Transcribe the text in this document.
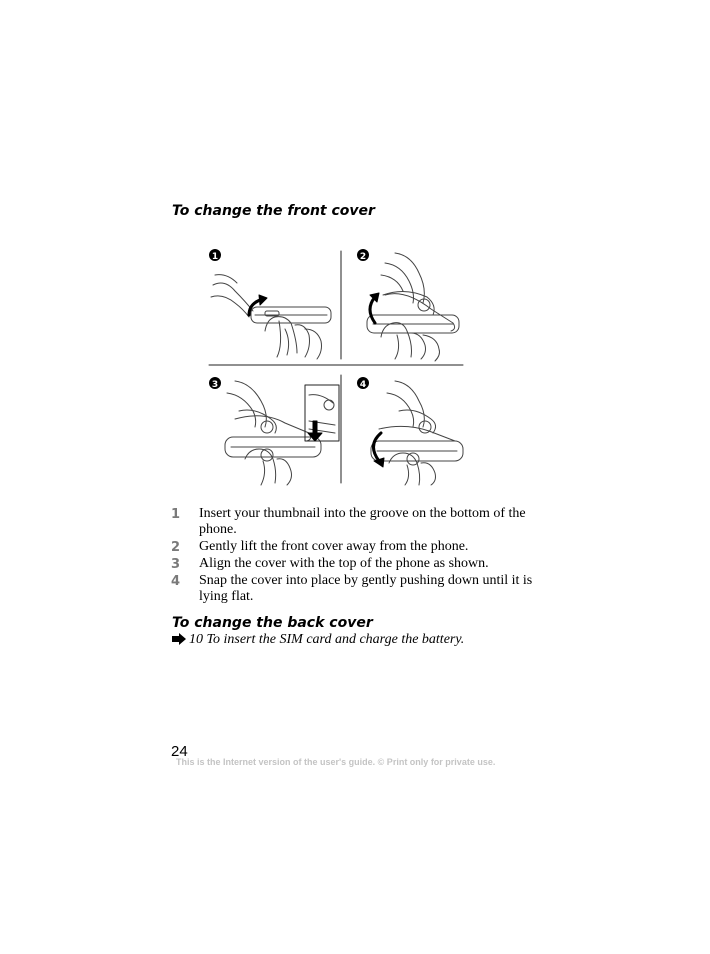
To change the front cover
1	2
3	4
1 Insert your thumbnail into the groove on the bottom of the phone.
2 Gently lift the front cover away from the phone.
3 Align the cover with the top of the phone as shown.
4 Snap the cover into place by gently pushing down until it is lying flat.
To change the back cover
10 To insert the SIM card and charge the battery.
24
This is the Internet version of the user's guide. © Print only for private use.
